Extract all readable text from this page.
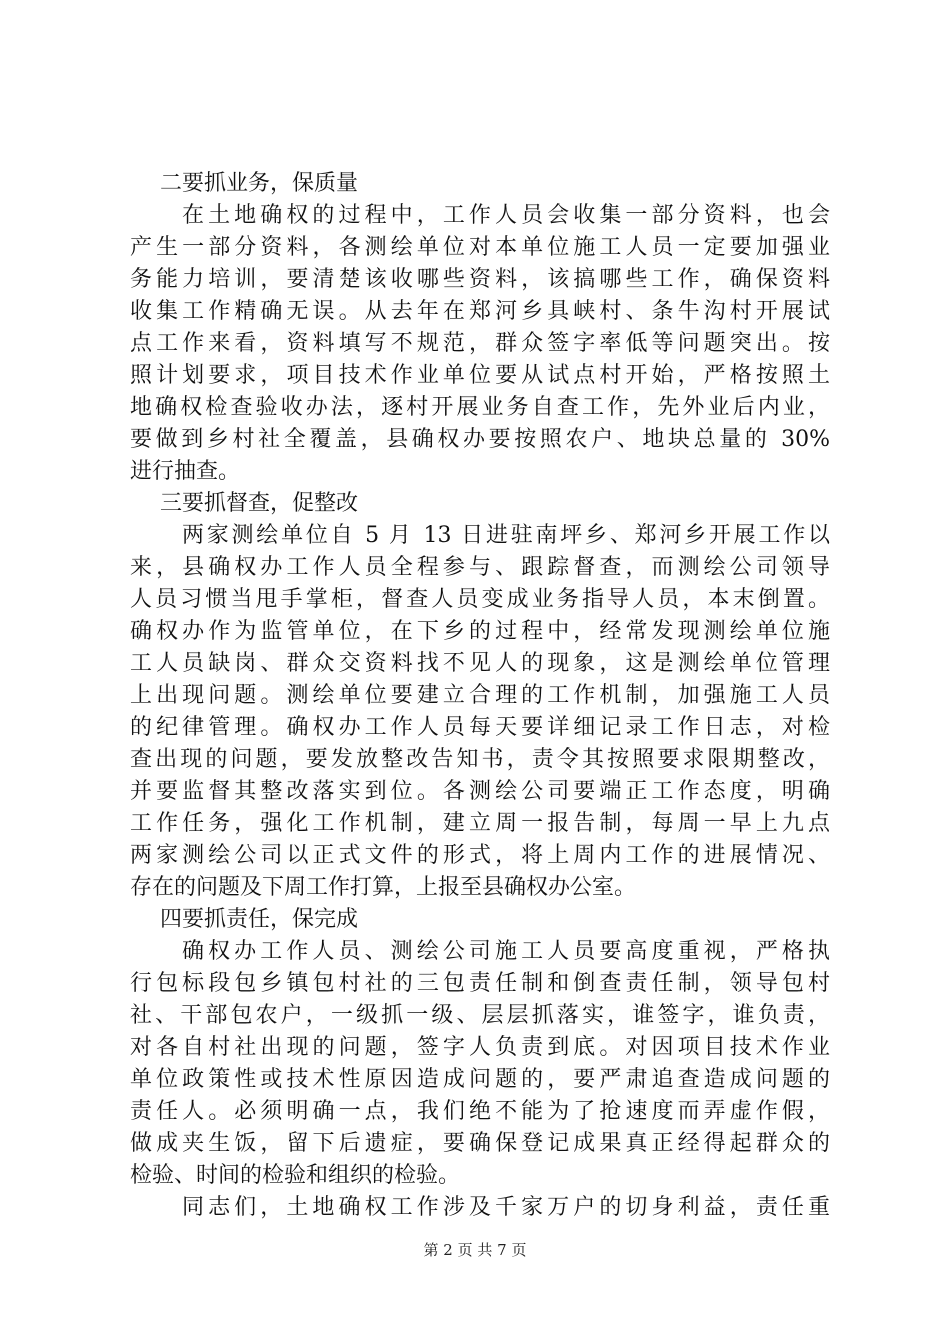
二要抓业务，保质量
在土地确权的过程中，工作人员会收集一部分资料，也会
产生一部分资料，各测绘单位对本单位施工人员一定要加强业
务能力培训，要清楚该收哪些资料，该搞哪些工作，确保资料
收集工作精确无误。从去年在郑河乡具峡村、条牛沟村开展试
点工作来看，资料填写不规范，群众签字率低等问题突出。按
照计划要求，项目技术作业单位要从试点村开始，严格按照土
地确权检查验收办法，逐村开展业务自查工作，先外业后内业，
要做到乡村社全覆盖，县确权办要按照农户、地块总量的 30%
进行抽查。
三要抓督查，促整改
两家测绘单位自 5 月 13 日进驻南坪乡、郑河乡开展工作以
来，县确权办工作人员全程参与、跟踪督查，而测绘公司领导
人员习惯当甩手掌柜，督查人员变成业务指导人员，本末倒置。
确权办作为监管单位，在下乡的过程中，经常发现测绘单位施
工人员缺岗、群众交资料找不见人的现象，这是测绘单位管理
上出现问题。测绘单位要建立合理的工作机制，加强施工人员
的纪律管理。确权办工作人员每天要详细记录工作日志，对检
查出现的问题，要发放整改告知书，责令其按照要求限期整改，
并要监督其整改落实到位。各测绘公司要端正工作态度，明确
工作任务，强化工作机制，建立周一报告制，每周一早上九点
两家测绘公司以正式文件的形式，将上周内工作的进展情况、
存在的问题及下周工作打算，上报至县确权办公室。
四要抓责任，保完成
确权办工作人员、测绘公司施工人员要高度重视，严格执
行包标段包乡镇包村社的三包责任制和倒查责任制，领导包村
社、干部包农户，一级抓一级、层层抓落实，谁签字，谁负责，
对各自村社出现的问题，签字人负责到底。对因项目技术作业
单位政策性或技术性原因造成问题的，要严肃追查造成问题的
责任人。必须明确一点，我们绝不能为了抢速度而弄虚作假，
做成夹生饭，留下后遗症，要确保登记成果真正经得起群众的
检验、时间的检验和组织的检验。
同志们，土地确权工作涉及千家万户的切身利益，责任重
第 2 页 共 7 页
